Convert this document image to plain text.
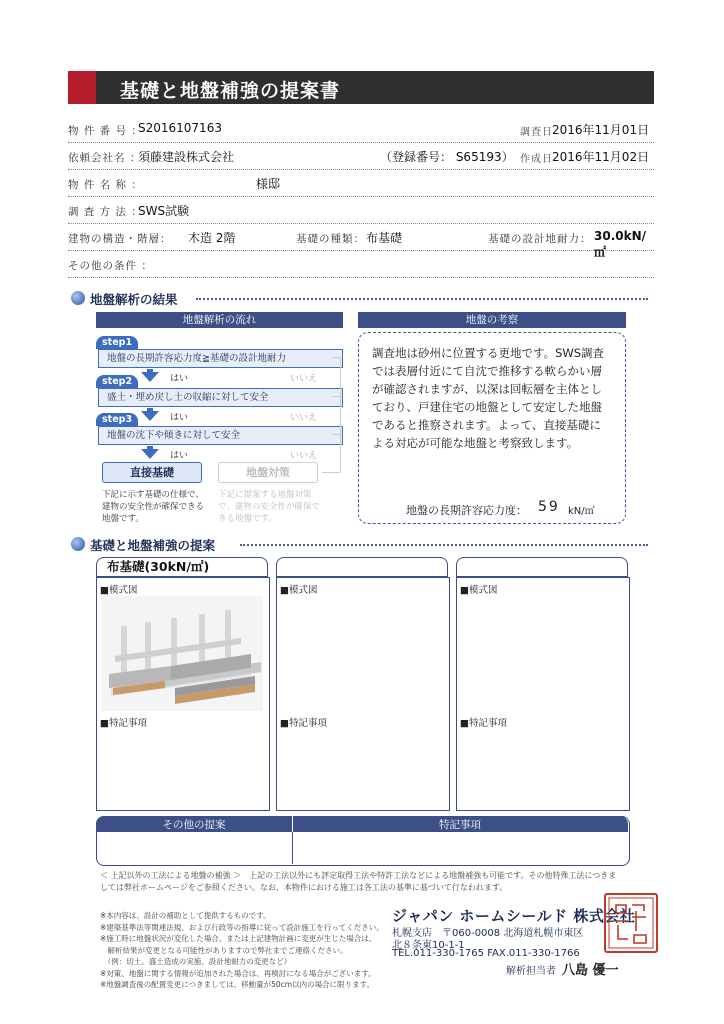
基礎と地盤補強の提案書
物 件 番 号 ：
S2016107163	調査日 2016年11月01日
依頼会社名 ：
須藤建設株式会社	（登録番号： S65193） 作成日 2016年11月02日
物 件 名 称 ：	様邸
調 査 方 法 ：
SWS試験
建物の構造・階層： 木造 2階	基礎の種類： 布基礎	基礎の設計地耐力： 30.0kN/㎡
その他の条件 ：
地盤解析の結果
地盤解析の流れ
step1
地盤の長期許容応力度≧基礎の設計地耐力
はい	いいえ
step2
盛土・埋め戻し土の収縮に対して安全
はい	いいえ
step3
地盤の沈下や傾きに対して安全
はい	いいえ
直接基礎	地盤対策
下記に示す基礎の仕様で、建物の安全性が確保できる地盤です。
下記に提案する地盤対策で、建物の安全性が確保できる地盤です。
地盤の考察
調査地は砂州に位置する更地です。SWS調査では表層付近にて自沈で推移する軟らかい層が確認されますが、以深は回転層を主体としており、戸建住宅の地盤として安定した地盤であると推察されます。よって、直接基礎による対応が可能な地盤と考察致します。
地盤の長期許容応力度： 59 kN/㎡
基礎と地盤補強の提案
布基礎(30kN/㎡)
■模式図
■特記事項
■模式図
■特記事項
■模式図
■特記事項
その他の提案	特記事項
＜ 上記以外の工法による地盤の補強 ＞　上記の工法以外にも評定取得工法や特許工法などによる地盤補強も可能です。その他特殊工法につきましては弊社ホームページをご参照ください。なお、本物件における施工は各工法の基準に基づいて行なわれます。
※本内容は、設計の補助として提供するものです。
※建築基準法等関連法規、および行政等の指導に従って設計施工を行ってください。
※施工時に地盤状況が変化した場合、または上記建物計画に変更が生じた場合は、
　解析結果が変更となる可能性がありますので弊社までご連絡ください。
　（例：切土、盛土造成の実施、設計地耐力の変更など）
※対策、地盤に関する情報が追加された場合は、再検討になる場合がございます。
※地盤調査後の配置変更につきましては、移動量が50cm以内の場合に限ります。
ジャパン ホームシールド 株式会社
札幌支店　〒060-0008 北海道札幌市東区
北８条東10-1-1
TEL.011-330-1765 FAX.011-330-1766
解析担当者 八島 優一
